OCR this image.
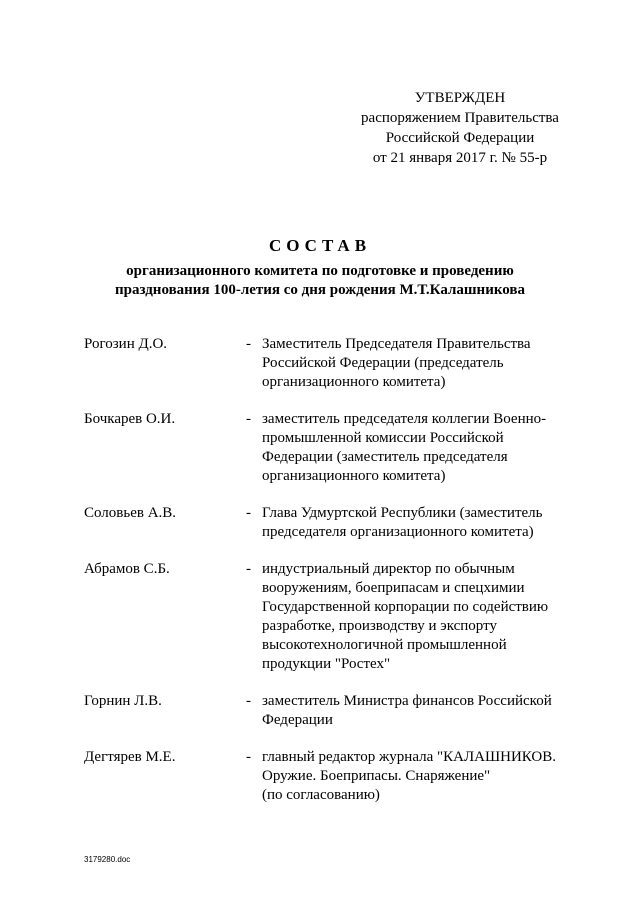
УТВЕРЖДЕН
распоряжением Правительства
Российской Федерации
от 21 января 2017 г. № 55-р
СОСТАВ
организационного комитета по подготовке и проведению
празднования 100-летия со дня рождения М.Т.Калашникова
Рогозин Д.О.	- Заместитель Председателя Правительства
Российской Федерации (председатель
организационного комитета)
Бочкарев О.И.	- заместитель председателя коллегии Военно-
промышленной комиссии Российской
Федерации (заместитель председателя
организационного комитета)
Соловьев А.В.	- Глава Удмуртской Республики (заместитель
председателя организационного комитета)
Абрамов С.Б.	- индустриальный директор по обычным
вооружениям, боеприпасам и спецхимии
Государственной корпорации по содействию
разработке, производству и экспорту
высокотехнологичной промышленной
продукции "Ростех"
Горнин Л.В.	- заместитель Министра финансов Российской
Федерации
Дегтярев М.Е.	- главный редактор журнала "КАЛАШНИКОВ.
Оружие. Боеприпасы. Снаряжение"
(по согласованию)
3179280.doc
